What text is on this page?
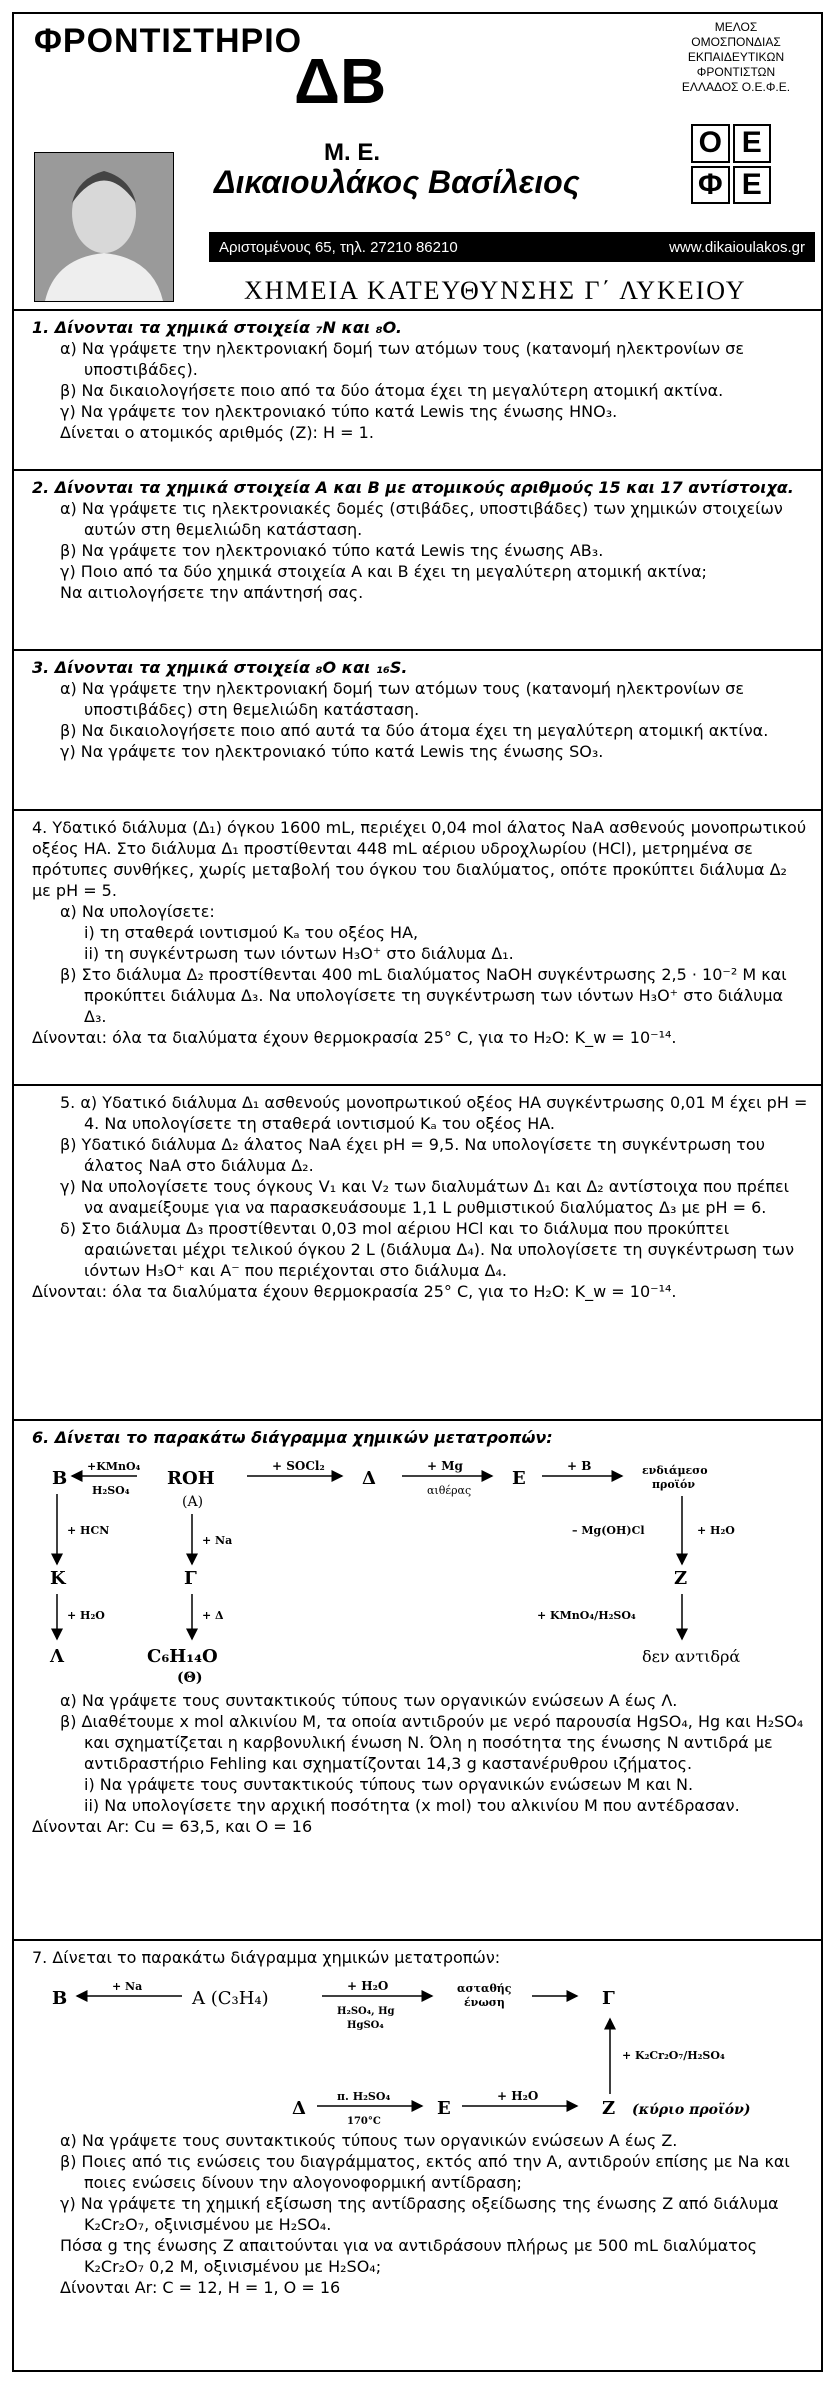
ΦΡΟΝΤΙΣΤΗΡΙΟ
ΔΒ
Μ. Ε.
ΜΕΛΟΣ
ΟΜΟΣΠΟΝΔΙΑΣ
ΕΚΠΑΙΔΕΥΤΙΚΩΝ
ΦΡΟΝΤΙΣΤΩΝ
ΕΛΛΑΔΟΣ Ο.Ε.Φ.Ε.
Ο Ε
Φ Ε
Δικαιουλάκος Βασίλειος
Αριστομένους 65, τηλ. 27210 86210	www.dikaioulakos.gr
ΧΗΜΕΙΑ ΚΑΤΕΥΘΥΝΣΗΣ Γ΄ ΛΥΚΕΙΟΥ
1. Δίνονται τα χημικά στοιχεία ₇N και ₈O.
α) Να γράψετε την ηλεκτρονιακή δομή των ατόμων τους (κατανομή ηλεκτρονίων σε υποστιβάδες).
β) Να δικαιολογήσετε ποιο από τα δύο άτομα έχει τη μεγαλύτερη ατομική ακτίνα.
γ) Να γράψετε τον ηλεκτρονιακό τύπο κατά Lewis της ένωσης HNO₃.
Δίνεται ο ατομικός αριθμός (Z): H = 1.
2. Δίνονται τα χημικά στοιχεία A και B με ατομικούς αριθμούς 15 και 17 αντίστοιχα.
α) Να γράψετε τις ηλεκτρονιακές δομές (στιβάδες, υποστιβάδες) των χημικών στοιχείων αυτών στη θεμελιώδη κατάσταση.
β) Να γράψετε τον ηλεκτρονιακό τύπο κατά Lewis της ένωσης AB₃.
γ) Ποιο από τα δύο χημικά στοιχεία A και B έχει τη μεγαλύτερη ατομική ακτίνα;
Να αιτιολογήσετε την απάντησή σας.
3. Δίνονται τα χημικά στοιχεία ₈O και ₁₆S.
α) Να γράψετε την ηλεκτρονιακή δομή των ατόμων τους (κατανομή ηλεκτρονίων σε υποστιβάδες) στη θεμελιώδη κατάσταση.
β) Να δικαιολογήσετε ποιο από αυτά τα δύο άτομα έχει τη μεγαλύτερη ατομική ακτίνα.
γ) Να γράψετε τον ηλεκτρονιακό τύπο κατά Lewis της ένωσης SO₃.
4. Υδατικό διάλυμα (Δ₁) όγκου 1600 mL, περιέχει 0,04 mol άλατος NaA ασθενούς μονοπρωτικού οξέος HA. Στο διάλυμα Δ₁ προστίθενται 448 mL αέριου υδροχλωρίου (HCl), μετρημένα σε πρότυπες συνθήκες, χωρίς μεταβολή του όγκου του διαλύματος, οπότε προκύπτει διάλυμα Δ₂ με pH = 5.
α) Να υπολογίσετε:
i) τη σταθερά ιοντισμού Kₐ του οξέος HA,
ii) τη συγκέντρωση των ιόντων H₃O⁺ στο διάλυμα Δ₁.
β) Στο διάλυμα Δ₂ προστίθενται 400 mL διαλύματος NaOH συγκέντρωσης 2,5 · 10⁻² M και προκύπτει διάλυμα Δ₃. Να υπολογίσετε τη συγκέντρωση των ιόντων H₃O⁺ στο διάλυμα Δ₃.
Δίνονται: όλα τα διαλύματα έχουν θερμοκρασία 25° C, για το H₂O: K_w = 10⁻¹⁴.
5. α) Υδατικό διάλυμα Δ₁ ασθενούς μονοπρωτικού οξέος HA συγκέντρωσης 0,01 M έχει pH = 4. Να υπολογίσετε τη σταθερά ιοντισμού Kₐ του οξέος HA.
β) Υδατικό διάλυμα Δ₂ άλατος NaA έχει pH = 9,5. Να υπολογίσετε τη συγκέντρωση του άλατος NaA στο διάλυμα Δ₂.
γ) Να υπολογίσετε τους όγκους V₁ και V₂ των διαλυμάτων Δ₁ και Δ₂ αντίστοιχα που πρέπει να αναμείξουμε για να παρασκευάσουμε 1,1 L ρυθμιστικού διαλύματος Δ₃ με pH = 6.
δ) Στο διάλυμα Δ₃ προστίθενται 0,03 mol αέριου HCl και το διάλυμα που προκύπτει αραιώνεται μέχρι τελικού όγκου 2 L (διάλυμα Δ₄). Να υπολογίσετε τη συγκέντρωση των ιόντων H₃O⁺ και A⁻ που περιέχονται στο διάλυμα Δ₄.
Δίνονται: όλα τα διαλύματα έχουν θερμοκρασία 25° C, για το H₂O: K_w = 10⁻¹⁴.
6. Δίνεται το παρακάτω διάγραμμα χημικών μετατροπών:
B
+KMnO₄
H₂SO₄
ROH
(A)
+ SOCl₂
Δ
+ Mg
αιθέρας
E
+ B	ενδιάμεσο
προϊόν
+ HCN
+ Na
– Mg(OH)Cl	+ H₂O
K	Γ	Z
+ H₂O	+ Δ	+ KMnO₄/H₂SO₄
Λ	C₆H₁₄O
(Θ)
δεν αντιδρά
α) Να γράψετε τους συντακτικούς τύπους των οργανικών ενώσεων A έως Λ.
β) Διαθέτουμε x mol αλκινίου M, τα οποία αντιδρούν με νερό παρουσία HgSO₄, Hg και H₂SO₄ και σχηματίζεται η καρβονυλική ένωση N. Όλη η ποσότητα της ένωσης N αντιδρά με αντιδραστήριο Fehling και σχηματίζονται 14,3 g καστανέρυθρου ιζήματος.
i) Να γράψετε τους συντακτικούς τύπους των οργανικών ενώσεων M και N.
ii) Να υπολογίσετε την αρχική ποσότητα (x mol) του αλκινίου M που αντέδρασαν.
Δίνονται Ar: Cu = 63,5, και O = 16
7. Δίνεται το παρακάτω διάγραμμα χημικών μετατροπών:
B
+ Na
A (C₃H₄)
+ H₂O
H₂SO₄, Hg
HgSO₄
ασταθής
ένωση	Γ
+ K₂Cr₂O₇/H₂SO₄
Δ
π. H₂SO₄
170°C
E
+ H₂O
Z (κύριο προϊόν)
α) Να γράψετε τους συντακτικούς τύπους των οργανικών ενώσεων A έως Z.
β) Ποιες από τις ενώσεις του διαγράμματος, εκτός από την A, αντιδρούν επίσης με Na και ποιες ενώσεις δίνουν την αλογονοφορμική αντίδραση;
γ) Να γράψετε τη χημική εξίσωση της αντίδρασης οξείδωσης της ένωσης Z από διάλυμα K₂Cr₂O₇, οξινισμένου με H₂SO₄.
Πόσα g της ένωσης Z απαιτούνται για να αντιδράσουν πλήρως με 500 mL διαλύματος K₂Cr₂O₇ 0,2 M, οξινισμένου με H₂SO₄;
Δίνονται Ar: C = 12, H = 1, O = 16
